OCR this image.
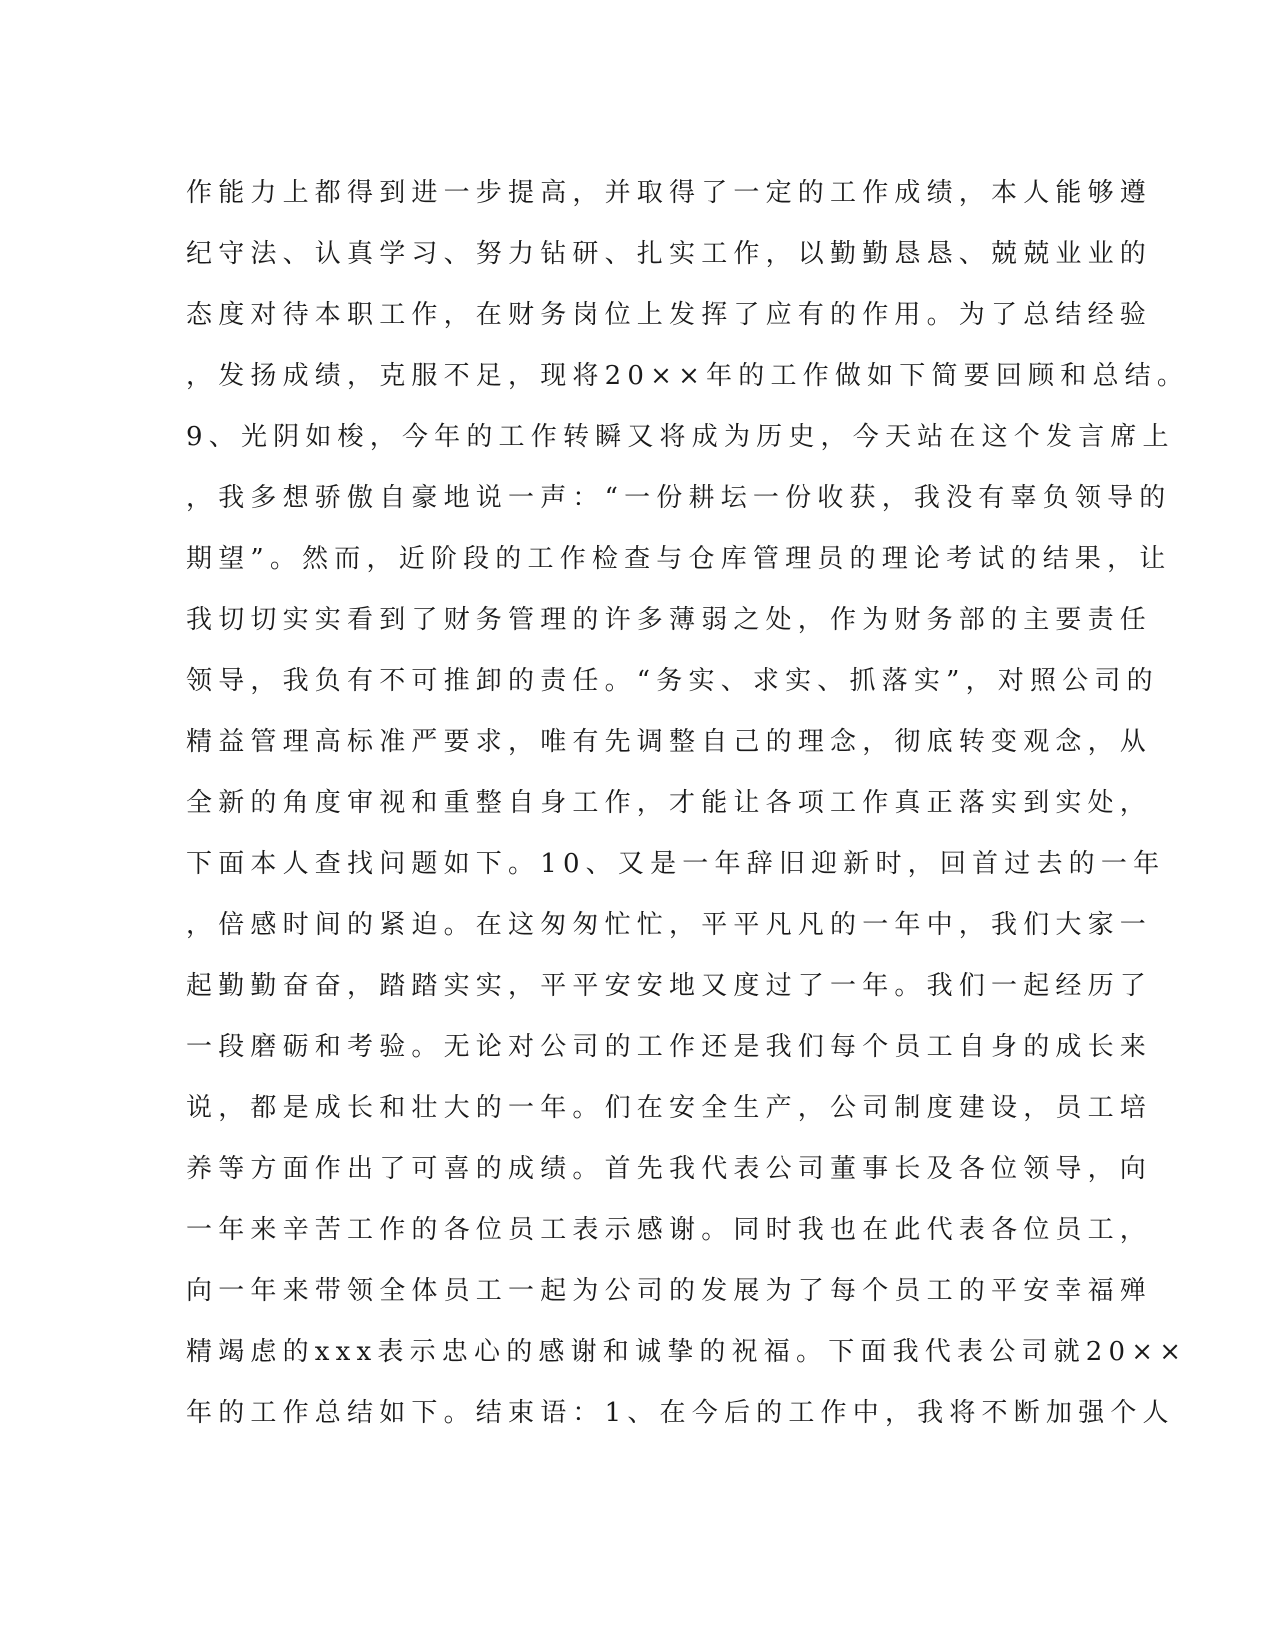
作能力上都得到进一步提高，并取得了一定的工作成绩，本人能够遵
纪守法、认真学习、努力钻研、扎实工作，以勤勤恳恳、兢兢业业的
态度对待本职工作，在财务岗位上发挥了应有的作用。为了总结经验
，发扬成绩，克服不足，现将20××年的工作做如下简要回顾和总结。
9、光阴如梭，今年的工作转瞬又将成为历史，今天站在这个发言席上
，我多想骄傲自豪地说一声：“一份耕坛一份收获，我没有辜负领导的
期望”。然而，近阶段的工作检查与仓库管理员的理论考试的结果，让
我切切实实看到了财务管理的许多薄弱之处，作为财务部的主要责任
领导，我负有不可推卸的责任。“务实、求实、抓落实”，对照公司的
精益管理高标准严要求，唯有先调整自己的理念，彻底转变观念，从
全新的角度审视和重整自身工作，才能让各项工作真正落实到实处，
下面本人查找问题如下。10、又是一年辞旧迎新时，回首过去的一年
，倍感时间的紧迫。在这匆匆忙忙，平平凡凡的一年中，我们大家一
起勤勤奋奋，踏踏实实，平平安安地又度过了一年。我们一起经历了
一段磨砺和考验。无论对公司的工作还是我们每个员工自身的成长来
说，都是成长和壮大的一年。们在安全生产，公司制度建设，员工培
养等方面作出了可喜的成绩。首先我代表公司董事长及各位领导，向
一年来辛苦工作的各位员工表示感谢。同时我也在此代表各位员工，
向一年来带领全体员工一起为公司的发展为了每个员工的平安幸福殚
精竭虑的xxx表示忠心的感谢和诚挚的祝福。下面我代表公司就20××
年的工作总结如下。结束语：1、在今后的工作中，我将不断加强个人
